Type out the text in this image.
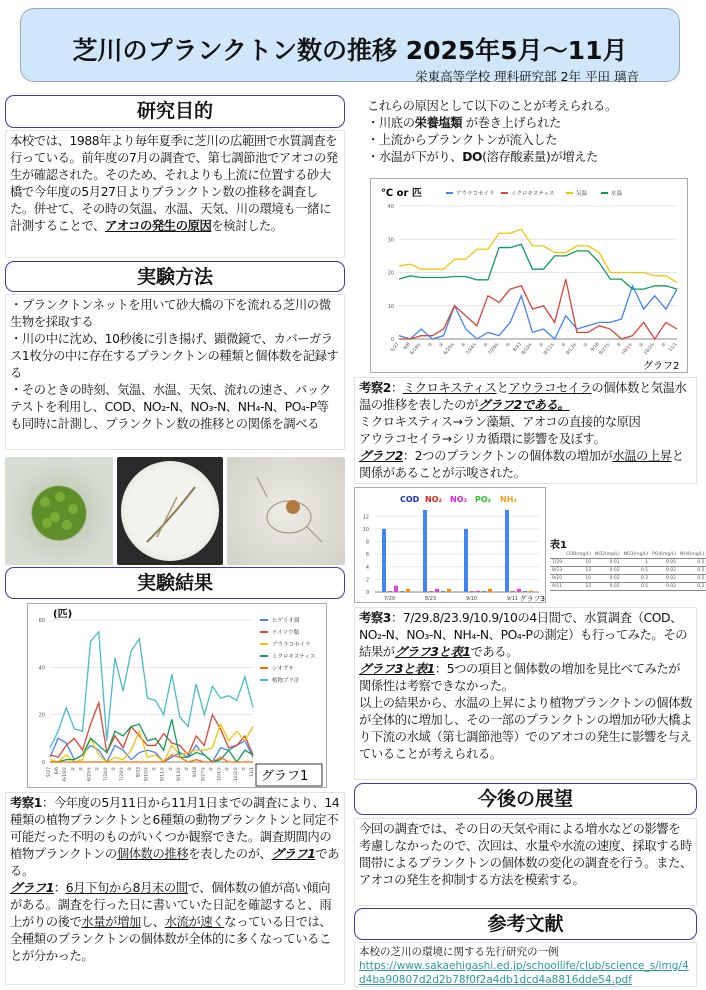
芝川のプランクトン数の推移 2025年5月～11月
栄東高等学校 理科研究部 2年 平田 璃音
研究目的
本校では、1988年より毎年夏季に芝川の広範囲で水質調査を行っている。前年度の7月の調査で、第七調節池でアオコの発生が確認された。そのため、それよりも上流に位置する砂大橋で今年度の5月27日よりプランクトン数の推移を調査した。併せて、その時の気温、水温、天気、川の環境も一緒に計測することで、アオコの発生の原因を検討した。
実験方法
・プランクトンネットを用いて砂大橋の下を流れる芝川の微生物を採取する
・川の中に沈め、10秒後に引き揚げ、顕微鏡で、カバーガラス1枚分の中に存在するプランクトンの種類と個体数を記録する
・そのときの時刻、気温、水温、天気、流れの速さ、パックテストを利用し、COD、NO₂-N、NO₃-N、NH₄-N、PO₄-P等も同時に計測し、プランクトン数の推移との関係を調べる
実験結果
0
20
40
60
5/27 6/6 6/19① ② ③ 6/25① ② 7/24① ② 7/29① ② 8/23 9/10① ② 9/11① ② 9/13① ② 9/18 9/27① ② 10/1① ② 10/2① ② 11/1
(匹)
ヒゲリオ属
ケイソウ類
アウラコセイラ
ミクロキスティス
シオグサ
植物プラ計
グラフ1
考察1：今年度の5月11日から11月1日までの調査により、14種類の植物プランクトンと6種類の動物プランクトンと同定不可能だった不明のものがいくつか観察できた。調査期間内の植物プランクトンの個体数の推移を表したのが、グラフ1である。
グラフ1：6月下旬から8月末の間で、個体数の値が高い傾向がある。調査を行った日に書いていた日記を確認すると、雨上がりの後で水量が増加し、水流が速くなっている日では、全種類のプランクトンの個体数が全体的に多くなっていることが分かった。
これらの原因として以下のことが考えられる。
・川底の栄養塩類 が巻き上げられた
・上流からプランクトンが流入した
・水温が下がり、DO(溶存酸素量)が増えた
0
10
20
30
40
5/27 6/6
6/19① ② ③
6/25① ②
7/24① ②
7/29① ② 8/23
9/10① ②
9/11① ②
9/13① ② 9/18
9/27① ②
10/1① ②
10/2① ② 11/1
℃ or 匹	アウラコセイラ	ミクロキスティス	気温	水温
グラフ2
考察2：ミクロキスティスとアウラコセイラの個体数と気温水温の推移を表したのがグラフ2である。
ミクロキスティス→ラン藻類、アオコの直接的な原因
アウラコセイラ→シリカ循環に影響を及ぼす。
グラフ2：2つのプランクトンの個体数の増加が水温の上昇と関係があることが示唆された。
0
2
4
6
8
10
12
COD NO₂ NO₃ PO₄ NH₄
7/29	8/23	9/10	9/11 グラフ3
表1
	COD(mg/L)	NO2(mg/L)	NO3(mg/L)	PO4(mg/L)	NH4(mg/L)
7/29	10	0.01	1	0.05	0.5
8/23	13	0.02	0.5	0.02	0.5
9/10	10	0.02	0.2	0.02	0.5
9/11	13	0.02	0.5	0.02	0.2
考察3：7/29.8/23.9/10.9/10の4日間で、水質調査（COD、NO₂-N、NO₃-N、NH₄-N、PO₄-Pの測定）も行ってみた。その結果がグラフ3と表1である。
グラフ3と表1：5つの項目と個体数の増加を見比べてみたが関係性は考察できなかった。
以上の結果から、水温の上昇により植物プランクトンの個体数が全体的に増加し、その一部のプランクトンの増加が砂大橋より下流の水域（第七調節池等）でのアオコの発生に影響を与えていることが考えられる。
今後の展望
今回の調査では、その日の天気や雨による増水などの影響を考慮しなかったので、次回は、水量や水流の速度、採取する時間帯によるプランクトンの個体数の変化の調査を行う。また、アオコの発生を抑制する方法を模索する。
参考文献
本校の芝川の環境に関する先行研究の一例
https://www.sakaehigashi.ed.jp/schoollife/club/science_s/img/4d4ba90807d2d2b78f0f2a4db1dcd4a8816dde54.pdf
